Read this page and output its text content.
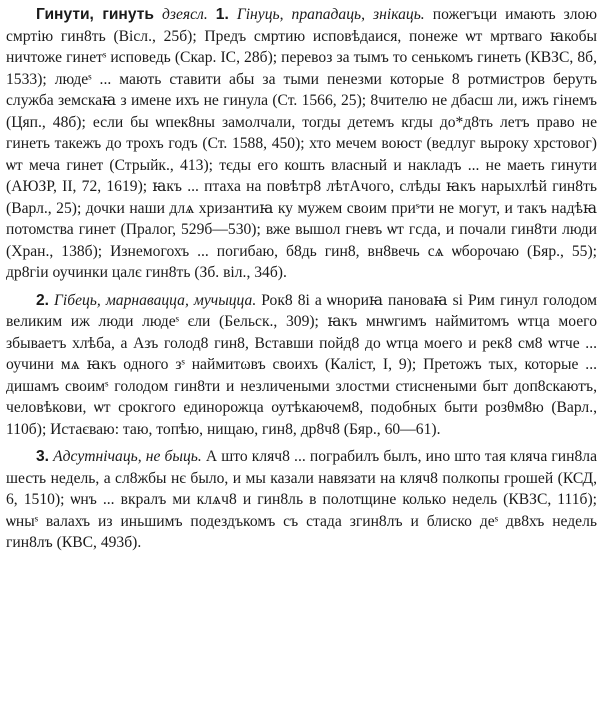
Гинути, гинуть дзеясл. 1. Гінуць, прападаць, знікаць. пожегъци имають злою смртію гин8ть (Вісл., 25б); Предъ смртию исповѣдаися, понеже ѡт мртваго ꙗкобы ничтоже гинетˢ исповедь (Скар. ІС, 28б); перевоз за тымъ то сенькомъ гинеть (КВЗС, 8б, 1533); людеˢ ... мають ставити абы за тыми пенезми которые 8 ротмистров беруть служба земскаꙗ з имене ихъ не гинула (Ст. 1566, 25); 8чителю не дбасш ли, ижъ гінемъ (Цяп., 48б); если бы ѡпек8ны замолчали, тогды детемъ кгды до*д8ть летъ право не гинеть такежъ до трохъ годъ (Ст. 1588, 450); хто мечем воюст (ведлуг выроку хрстовог) ѡт меча гинет (Стрыйк., 413); тєды его кошть власный и накладъ ... не маеть гинути (АЮЗР, II, 72, 1619); ꙗкъ ... птаха на повѣтр8 лѣтАчого, слѣды ꙗкъ нарыхлѣй гин8ть (Варл., 25); дочки наши длѧ хризантиꙗ ку мужем своим приˢти не могут, и такъ надѣꙗ потомства гинет (Пралог, 529б—530); вже вышол гневъ ѡт гсда, и почали гин8ти люди (Хран., 138б); Изнемогохъ ... погибаю, б8дь гин8, вн8вечь сѧ ѡборочаю (Бяр., 55); др8гіи оучинки цалє гин8ть (Зб. віл., 34б).

2. Гібець, марнавацца, мучыцца. Рок8 8і а ѡнориꙗ пановаꙗ si Рим гинул голодом великим иж люди людеˢ єли (Бельск., 309); ꙗкъ мнѡгимъ наймитомъ ѡтца моего збываетъ хлѣба, а Азъ голод8 гин8, Вставши пойд8 до ѡтца моего и рек8 см8 ѡтче ... оучини мѧ ꙗкъ одного зˢ наймитωвъ своихъ (Каліст, I, 9); Претожъ тых, которые ... дишамъ своимˢ голодом гин8ти и незличеными злостми стиснеными быт доп8скаютъ, человѣкови, ѡт срокгого единорожца оутѣкаючем8, подобных быти розθм8ю (Варл., 110б); Истаєваю: таю, топѣю, нищаю, гин8, др8ч8 (Бяр., 60—61).

3. Адсутнічаць, не быць. А што кляч8 ... пограбилъ былъ, ино што тая кляча гин8ла шесть недель, а сл8жбы нє было, и мы казали навязати на кляч8 полкопы грошей (КСД, 6, 1510); ѡнъ ... вкралъ ми клѧч8 и гин8ль в полотщине колько недель (КВЗС, 111б); ѡныˢ валахъ из иньшимъ подездъкомъ съ стада згин8лъ и блиско деˢ дв8хъ недель гин8лъ (КВС, 493б).
